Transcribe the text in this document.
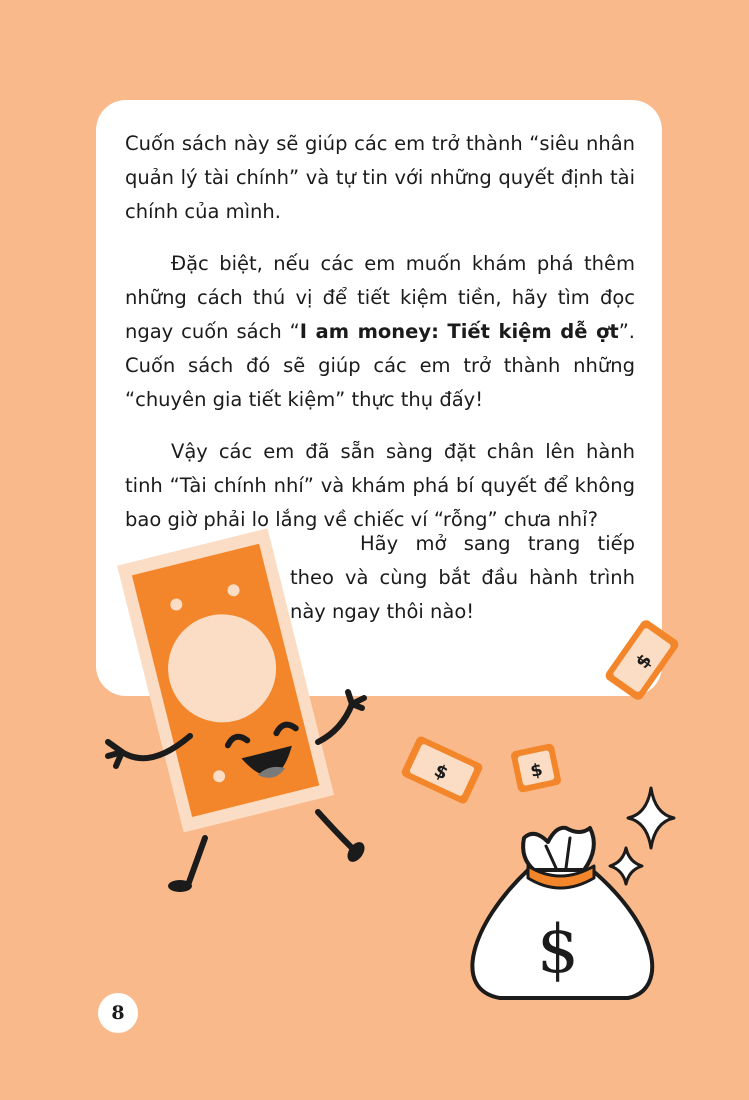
Cuốn sách này sẽ giúp các em trở thành “siêu nhân quản lý tài chính” và tự tin với những quyết định tài chính của mình.

Đặc biệt, nếu các em muốn khám phá thêm những cách thú vị để tiết kiệm tiền, hãy tìm đọc ngay cuốn sách “I am money: Tiết kiệm dễ ợt”. Cuốn sách đó sẽ giúp các em trở thành những “chuyên gia tiết kiệm” thực thụ đấy!

Vậy các em đã sẵn sàng đặt chân lên hành tinh “Tài chính nhí” và khám phá bí quyết để không bao giờ phải lo lắng về chiếc ví “rỗng” chưa nhỉ?

Hãy mở sang trang tiếp theo và cùng bắt đầu hành trình này ngay thôi nào!

$	$
$
$
8
